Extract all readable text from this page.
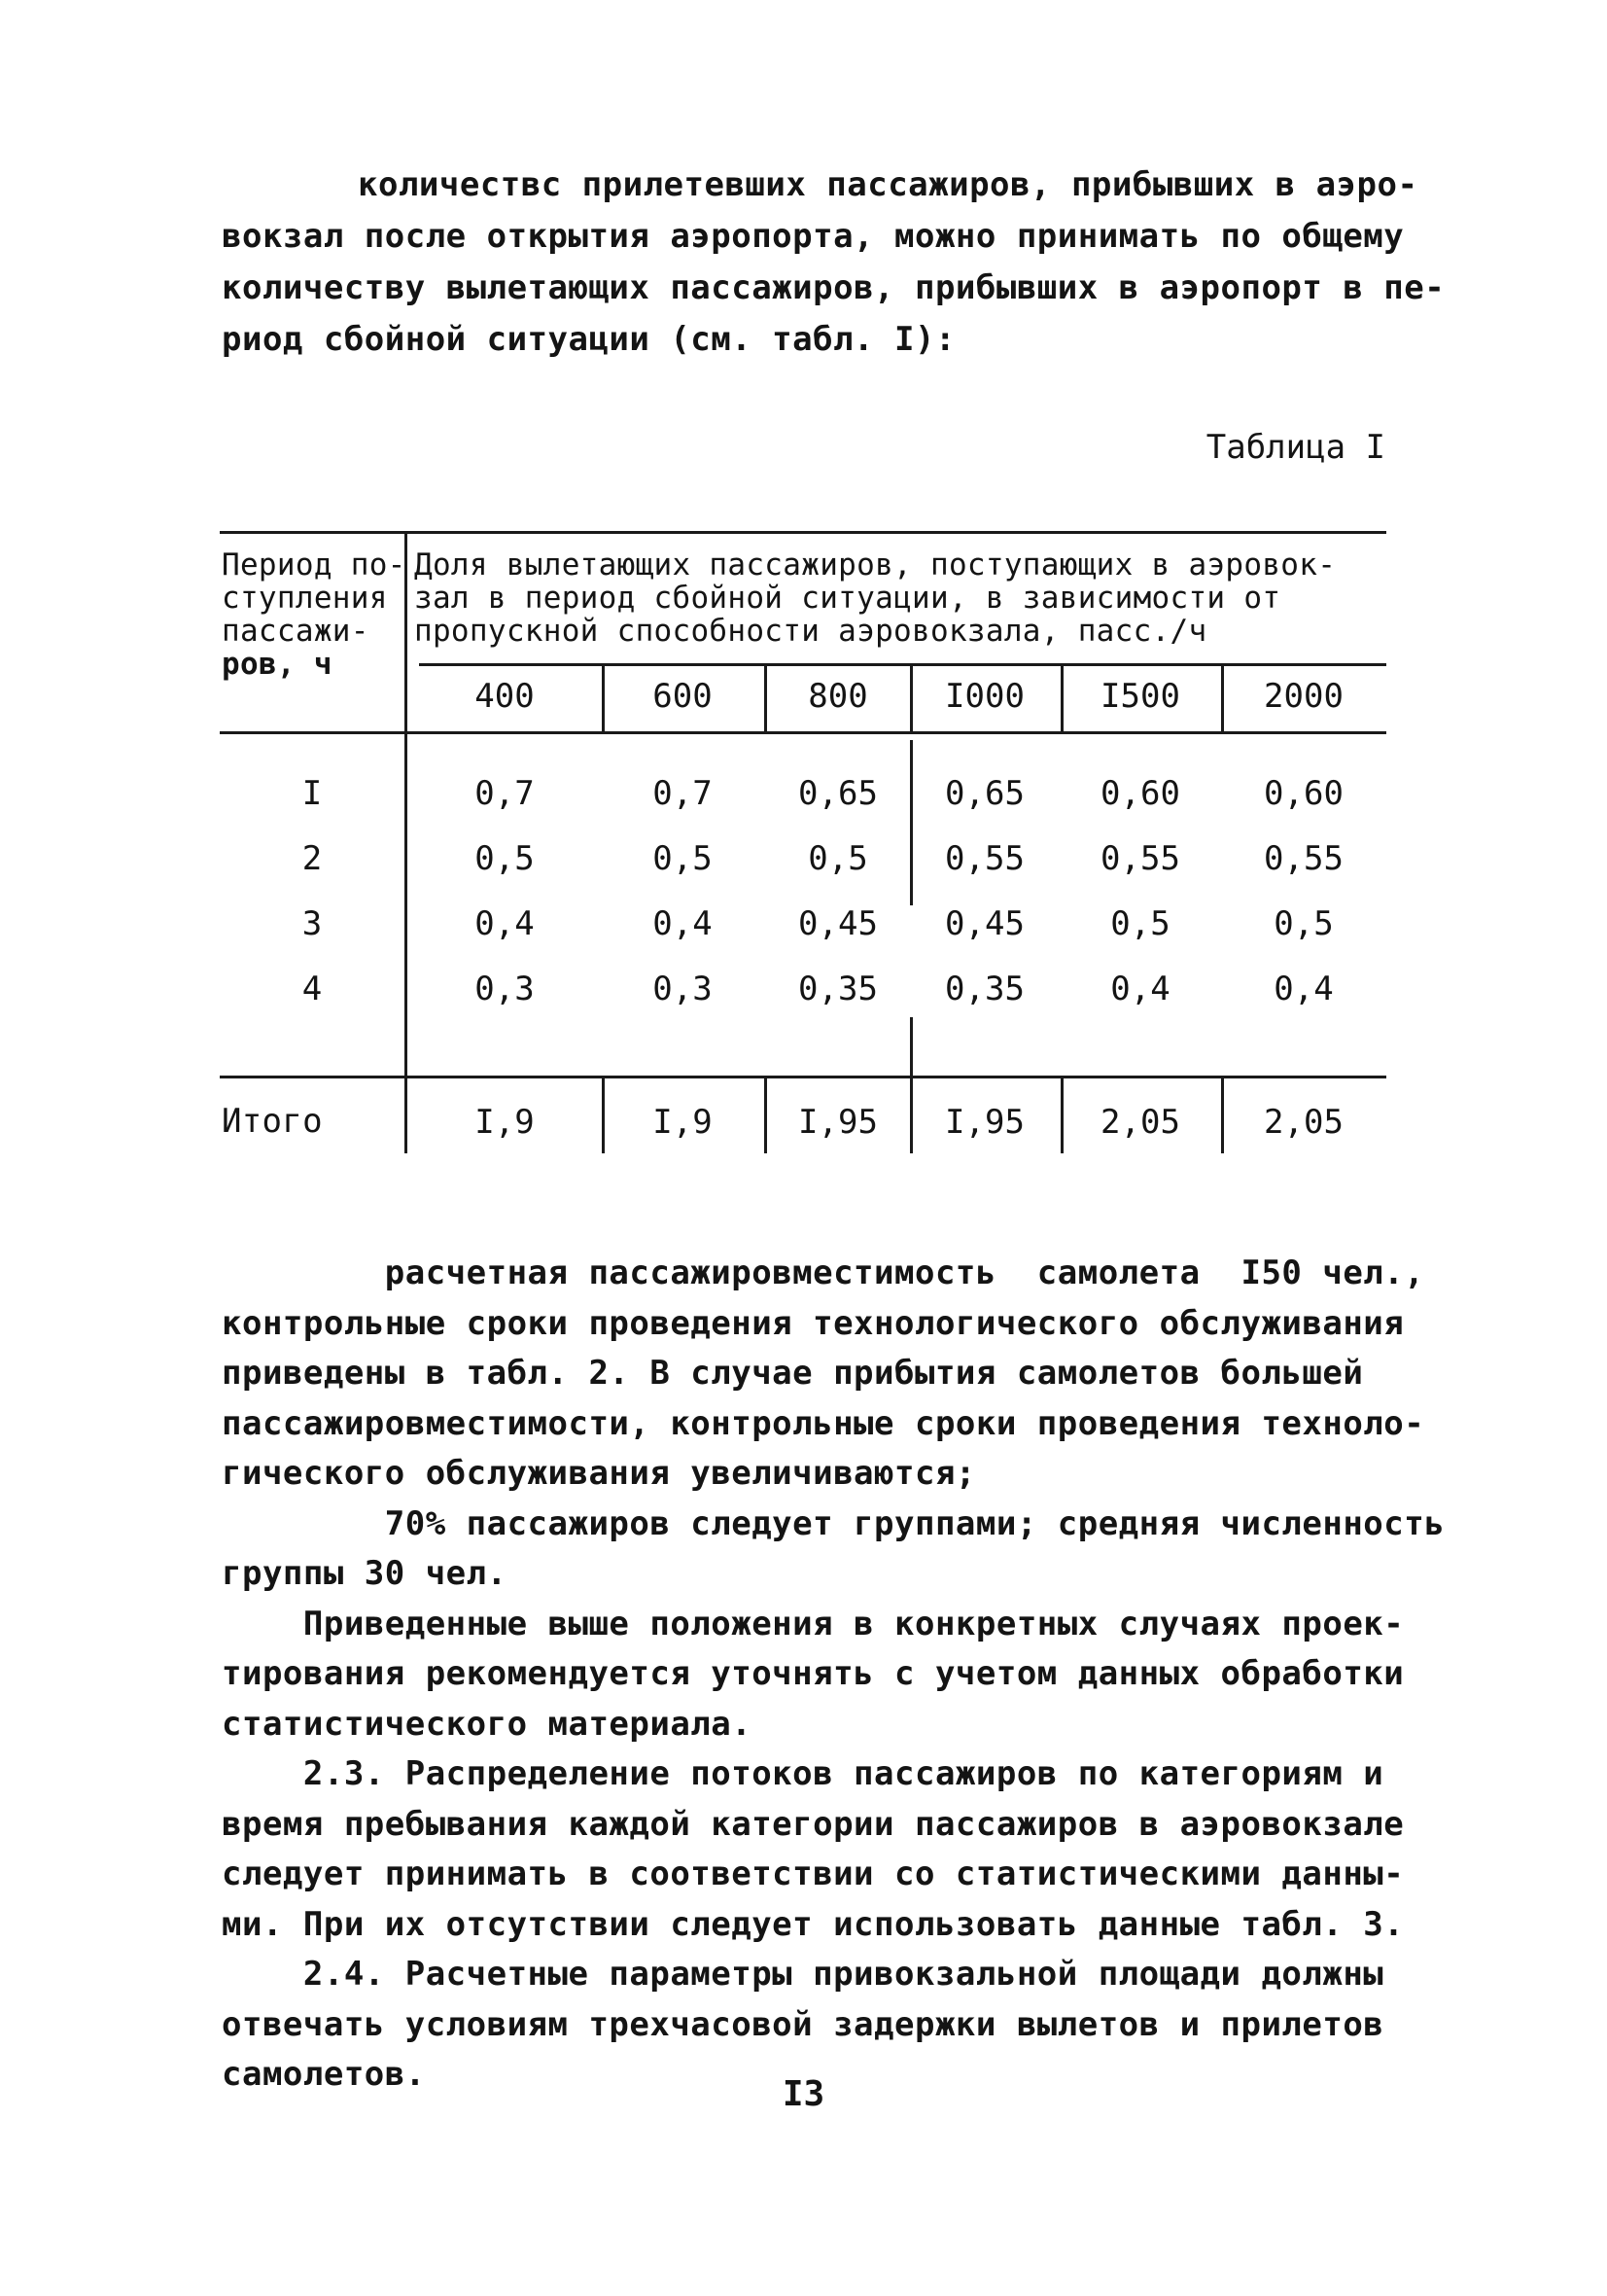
количествс прилетевших пассажиров, прибывших в аэро-
вокзал после открытия аэропорта, можно принимать по общему
количеству вылетающих пассажиров, прибывших в аэропорт в пе-
риод сбойной ситуации (см. табл. I):
Таблица I
Период по-
ступления
пассажи-
ров, ч
Доля вылетающих пассажиров, поступающих в аэровок-
зал в период сбойной ситуации, в зависимости от
пропускной способности аэровокзала, пасс./ч
400	600	800	I000	I500	2000
I	0,7	0,7	0,65	0,65	0,60	0,60
2	0,5	0,5	0,5	0,55	0,55	0,55
3	0,4	0,4	0,45	0,45	0,5	0,5
4	0,3	0,3	0,35	0,35	0,4	0,4
Итого	I,9	I,9	I,95	I,95	2,05	2,05
расчетная пассажировместимость  самолета  I50 чел.,
контрольные сроки проведения технологического обслуживания
приведены в табл. 2. В случае прибытия самолетов большей
пассажировместимости, контрольные сроки проведения техноло-
гического обслуживания увеличиваются;
70% пассажиров следует группами; средняя численность
группы 30 чел.
Приведенные выше положения в конкретных случаях проек-
тирования рекомендуется уточнять с учетом данных обработки
статистического материала.
2.3. Распределение потоков пассажиров по категориям и
время пребывания каждой категории пассажиров в аэровокзале
следует принимать в соответствии со статистическими данны-
ми. При их отсутствии следует использовать данные табл. 3.
2.4. Расчетные параметры привокзальной площади должны
отвечать условиям трехчасовой задержки вылетов и прилетов
самолетов.	I3
